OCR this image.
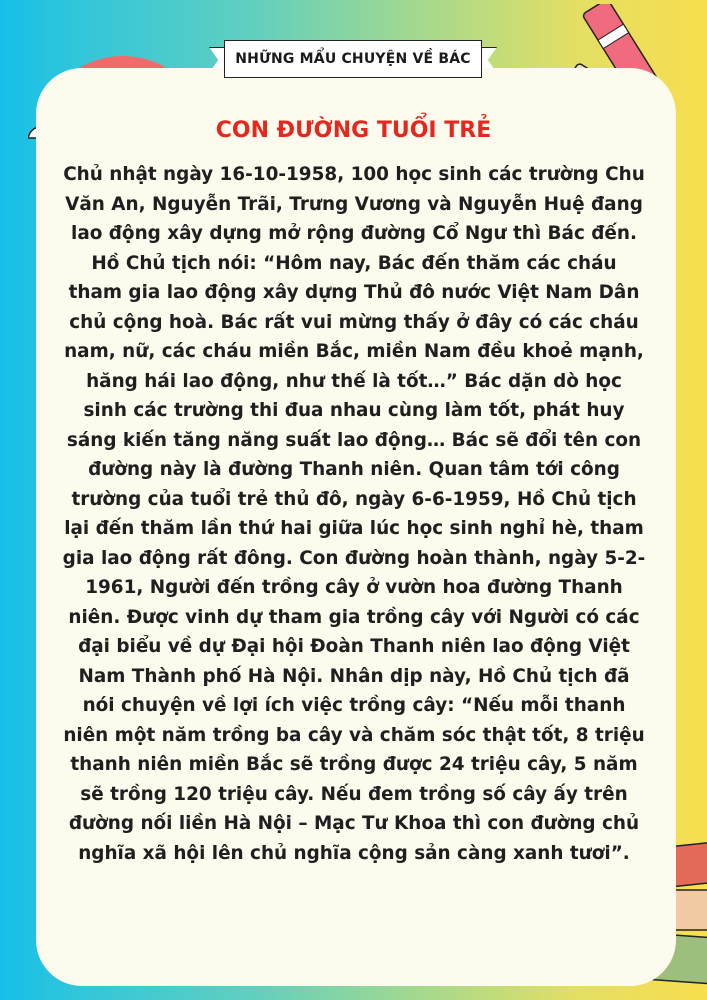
NHỮNG MẨU CHUYỆN VỀ BÁC
CON ĐƯỜNG TUỔI TRẺ
Chủ nhật ngày 16-10-1958, 100 học sinh các trường Chu Văn An, Nguyễn Trãi, Trưng Vương và Nguyễn Huệ đang lao động xây dựng mở rộng đường Cổ Ngư thì Bác đến. Hồ Chủ tịch nói: “Hôm nay, Bác đến thăm các cháu tham gia lao động xây dựng Thủ đô nước Việt Nam Dân chủ cộng hoà. Bác rất vui mừng thấy ở đây có các cháu nam, nữ, các cháu miền Bắc, miền Nam đều khoẻ mạnh, hăng hái lao động, như thế là tốt…” Bác dặn dò học sinh các trường thi đua nhau cùng làm tốt, phát huy sáng kiến tăng năng suất lao động… Bác sẽ đổi tên con đường này là đường Thanh niên. Quan tâm tới công trường của tuổi trẻ thủ đô, ngày 6-6-1959, Hồ Chủ tịch lại đến thăm lần thứ hai giữa lúc học sinh nghỉ hè, tham gia lao động rất đông. Con đường hoàn thành, ngày 5-2-1961, Người đến trồng cây ở vườn hoa đường Thanh niên. Được vinh dự tham gia trồng cây với Người có các đại biểu về dự Đại hội Đoàn Thanh niên lao động Việt Nam Thành phố Hà Nội. Nhân dịp này, Hồ Chủ tịch đã nói chuyện về lợi ích việc trồng cây: “Nếu mỗi thanh niên một năm trồng ba cây và chăm sóc thật tốt, 8 triệu thanh niên miền Bắc sẽ trồng được 24 triệu cây, 5 năm sẽ trồng 120 triệu cây. Nếu đem trồng số cây ấy trên đường nối liền Hà Nội – Mạc Tư Khoa thì con đường chủ nghĩa xã hội lên chủ nghĩa cộng sản càng xanh tươi”.
